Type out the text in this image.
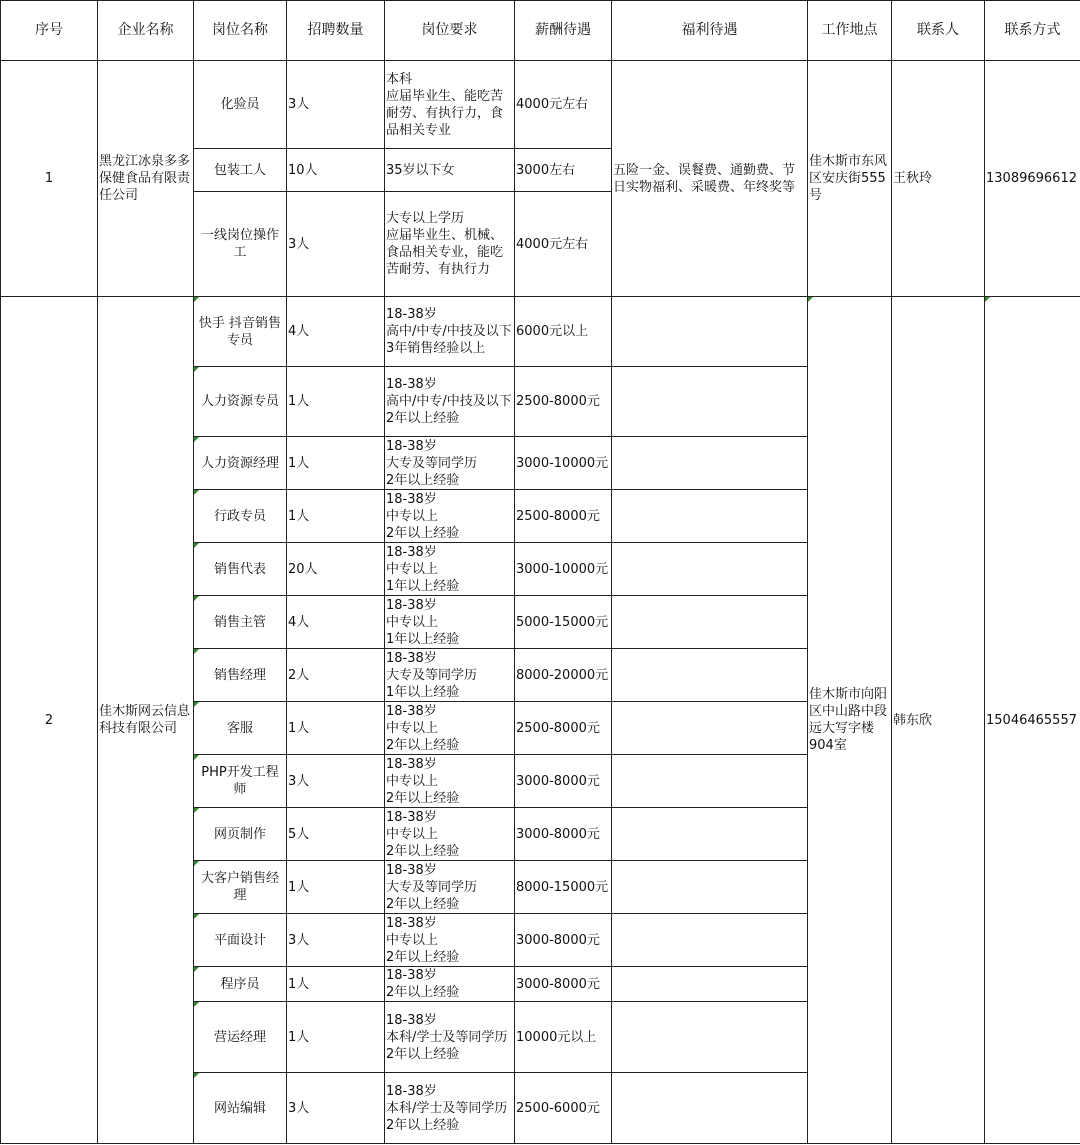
序号	企业名称	岗位名称	招聘数量	岗位要求	薪酬待遇	福利待遇	工作地点	联系人	联系方式
1	黑龙江冰泉多多保健食品有限责任公司	化验员	3人	本科
应届毕业生、能吃苦耐劳、有执行力，食品相关专业	4000元左右	五险一金、误餐费、通勤费、节日实物福利、采暖费、年终奖等	佳木斯市东风区安庆街555号	王秋玲	13089696612
		包装工人	10人	35岁以下女	3000左右				
		一线岗位操作工	3人	大专以上学历
应届毕业生、机械、食品相关专业，能吃苦耐劳、有执行力	4000元左右				
2	佳木斯网云信息科技有限公司	快手 抖音销售专员	4人	18-38岁
高中/中专/中技及以下
3年销售经验以上	6000元以上		佳木斯市向阳区中山路中段远大写字楼904室	韩东欣	15046465557
		人力资源专员	1人	18-38岁
高中/中专/中技及以下
2年以上经验	2500-8000元				
		人力资源经理	1人	18-38岁
大专及等同学历
2年以上经验	3000-10000元				
		行政专员	1人	18-38岁
中专以上
2年以上经验	2500-8000元				
		销售代表	20人	18-38岁
中专以上
1年以上经验	3000-10000元				
		销售主管	4人	18-38岁
中专以上
1年以上经验	5000-15000元				
		销售经理	2人	18-38岁
大专及等同学历
1年以上经验	8000-20000元				
		客服	1人	18-38岁
中专以上
2年以上经验	2500-8000元				
		PHP开发工程师	3人	18-38岁
中专以上
2年以上经验	3000-8000元				
		网页制作	5人	18-38岁
中专以上
2年以上经验	3000-8000元				
		大客户销售经理	1人	18-38岁
大专及等同学历
2年以上经验	8000-15000元				
		平面设计	3人	18-38岁
中专以上
2年以上经验	3000-8000元				
		程序员	1人	18-38岁
2年以上经验	3000-8000元				
		营运经理	1人	18-38岁
本科/学士及等同学历
2年以上经验	10000元以上				
		网站编辑	3人	18-38岁
本科/学士及等同学历
2年以上经验	2500-6000元				
